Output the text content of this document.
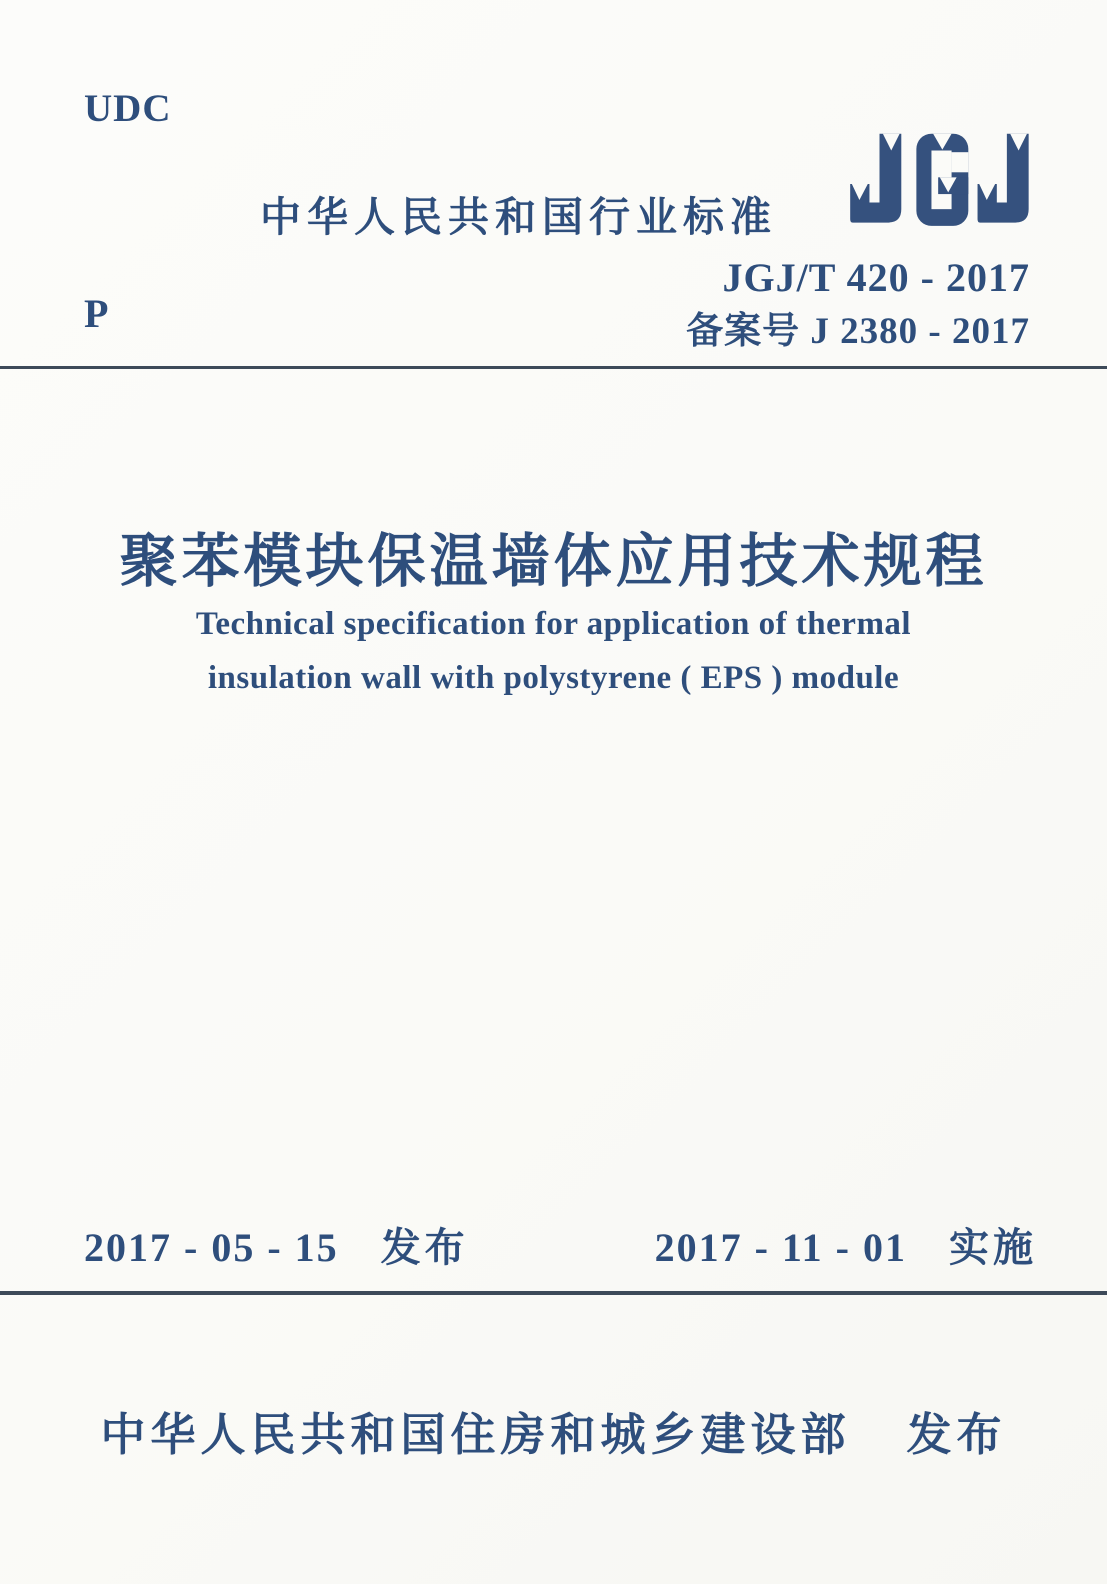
UDC
中华人民共和国行业标准
JGJ/T 420 - 2017
备案号 J 2380 - 2017
P
聚苯模块保温墙体应用技术规程
Technical specification for application of thermal
insulation wall with polystyrene ( EPS ) module
2017 - 05 - 15 发布	2017 - 11 - 01 实施
中华人民共和国住房和城乡建设部 发布
